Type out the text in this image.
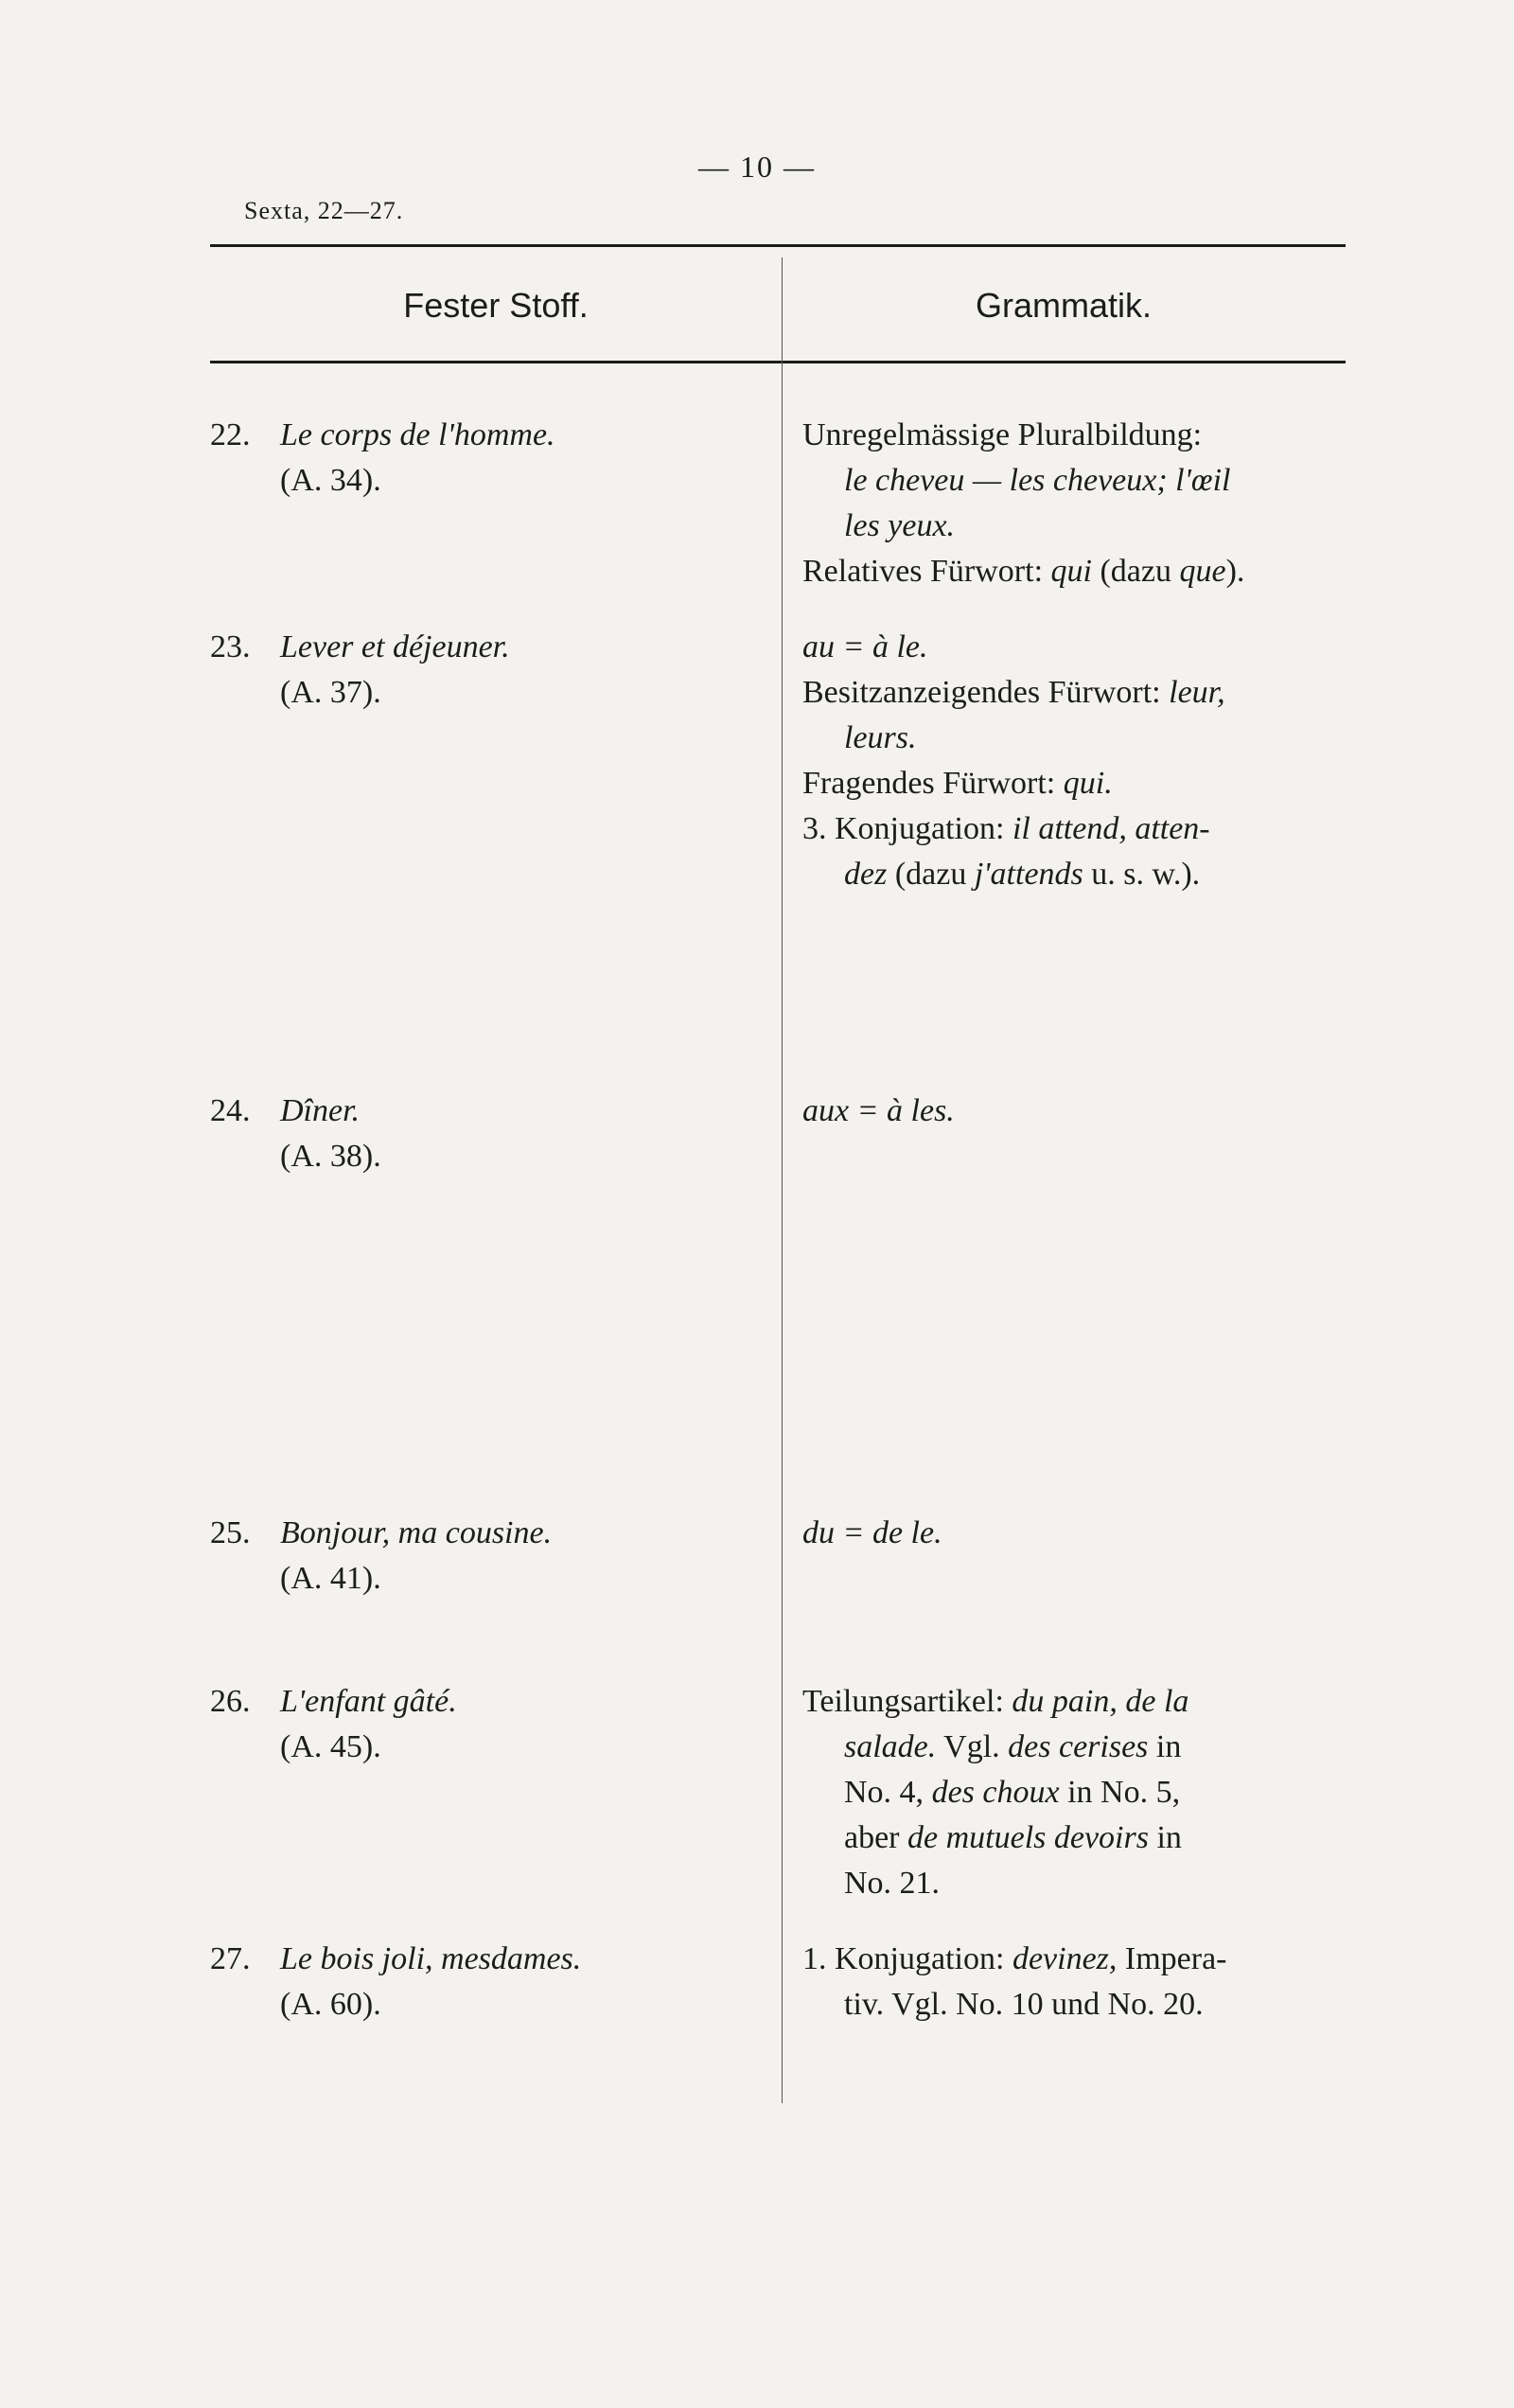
— 10 —
Sexta, 22—27.
Fester Stoff.	Grammatik.
22. Le corps de l'homme.
(A. 34).
23. Lever et déjeuner.
(A. 37).
24. Dîner.
(A. 38).
25. Bonjour, ma cousine.
(A. 41).
26. L'enfant gâté.
(A. 45).
27. Le bois joli, mesdames.
(A. 60).
Unregelmässige Pluralbildung:
le cheveu — les cheveux; l'œil
les yeux.
Relatives Fürwort: qui (dazu que).
au = à le.
Besitzanzeigendes Fürwort: leur,
leurs.
Fragendes Fürwort: qui.
3. Konjugation: il attend, atten-
dez (dazu j'attends u. s. w.).
aux = à les.
du = de le.
Teilungsartikel: du pain, de la
salade. Vgl. des cerises in
No. 4, des choux in No. 5,
aber de mutuels devoirs in
No. 21.
1. Konjugation: devinez, Impera-
tiv. Vgl. No. 10 und No. 20.
